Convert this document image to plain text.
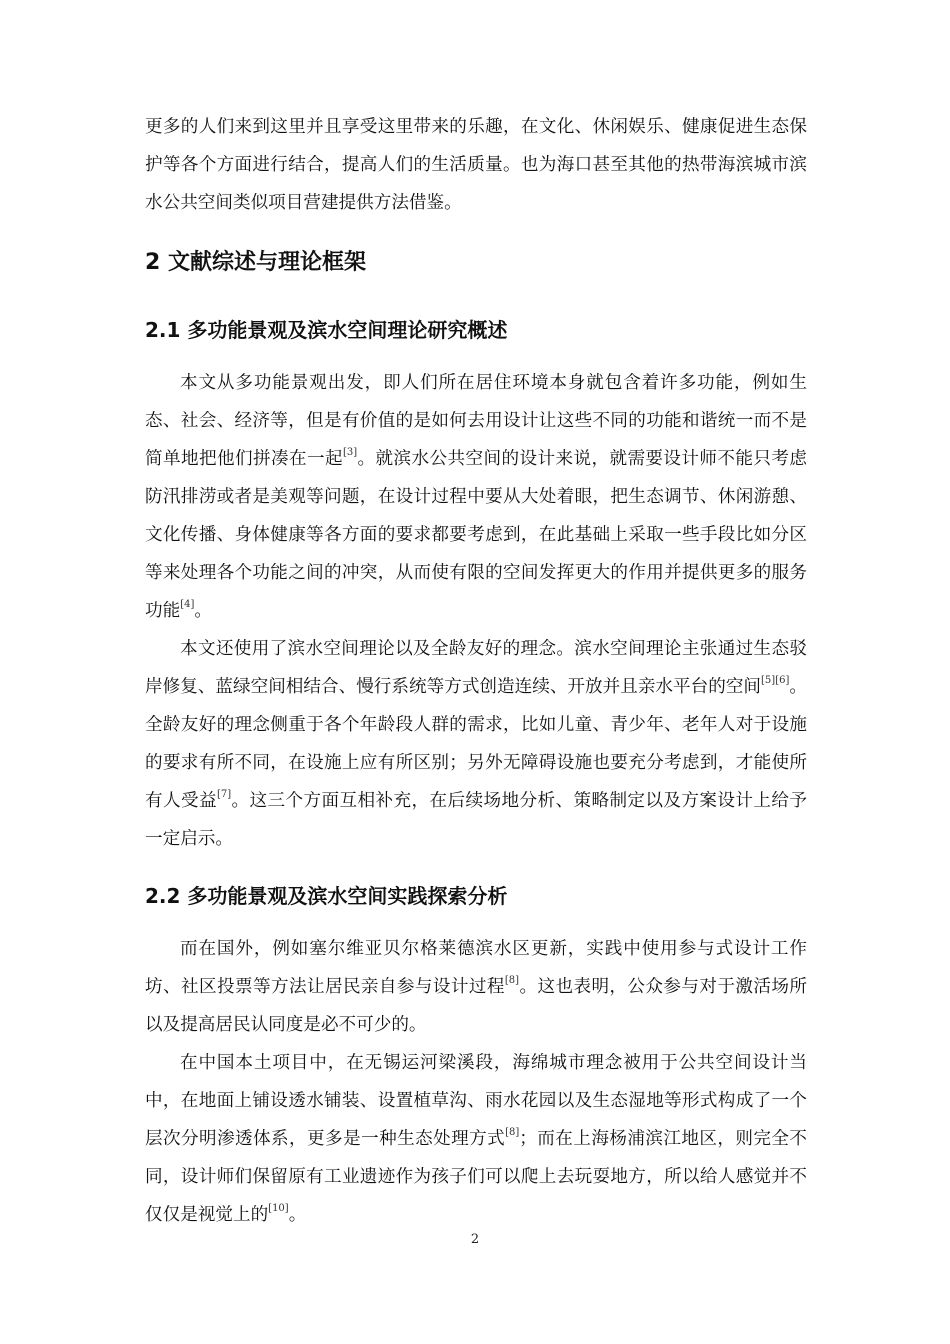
更多的人们来到这里并且享受这里带来的乐趣，在文化、休闲娱乐、健康促进生态保护等各个方面进行结合，提高人们的生活质量。也为海口甚至其他的热带海滨城市滨水公共空间类似项目营建提供方法借鉴。

2 文献综述与理论框架
2.1 多功能景观及滨水空间理论研究概述

本文从多功能景观出发，即人们所在居住环境本身就包含着许多功能，例如生态、社会、经济等，但是有价值的是如何去用设计让这些不同的功能和谐统一而不是简单地把他们拼凑在一起[3]。就滨水公共空间的设计来说，就需要设计师不能只考虑防汛排涝或者是美观等问题，在设计过程中要从大处着眼，把生态调节、休闲游憩、文化传播、身体健康等各方面的要求都要考虑到，在此基础上采取一些手段比如分区等来处理各个功能之间的冲突，从而使有限的空间发挥更大的作用并提供更多的服务功能[4]。

本文还使用了滨水空间理论以及全龄友好的理念。滨水空间理论主张通过生态驳岸修复、蓝绿空间相结合、慢行系统等方式创造连续、开放并且亲水平台的空间[5][6]。全龄友好的理念侧重于各个年龄段人群的需求，比如儿童、青少年、老年人对于设施的要求有所不同，在设施上应有所区别；另外无障碍设施也要充分考虑到，才能使所有人受益[7]。这三个方面互相补充，在后续场地分析、策略制定以及方案设计上给予一定启示。

2.2 多功能景观及滨水空间实践探索分析

而在国外，例如塞尔维亚贝尔格莱德滨水区更新，实践中使用参与式设计工作坊、社区投票等方法让居民亲自参与设计过程[8]。这也表明，公众参与对于激活场所以及提高居民认同度是必不可少的。

在中国本土项目中，在无锡运河梁溪段，海绵城市理念被用于公共空间设计当中，在地面上铺设透水铺装、设置植草沟、雨水花园以及生态湿地等形式构成了一个层次分明渗透体系，更多是一种生态处理方式[8]；而在上海杨浦滨江地区，则完全不同，设计师们保留原有工业遗迹作为孩子们可以爬上去玩耍地方，所以给人感觉并不仅仅是视觉上的[10]。

2
